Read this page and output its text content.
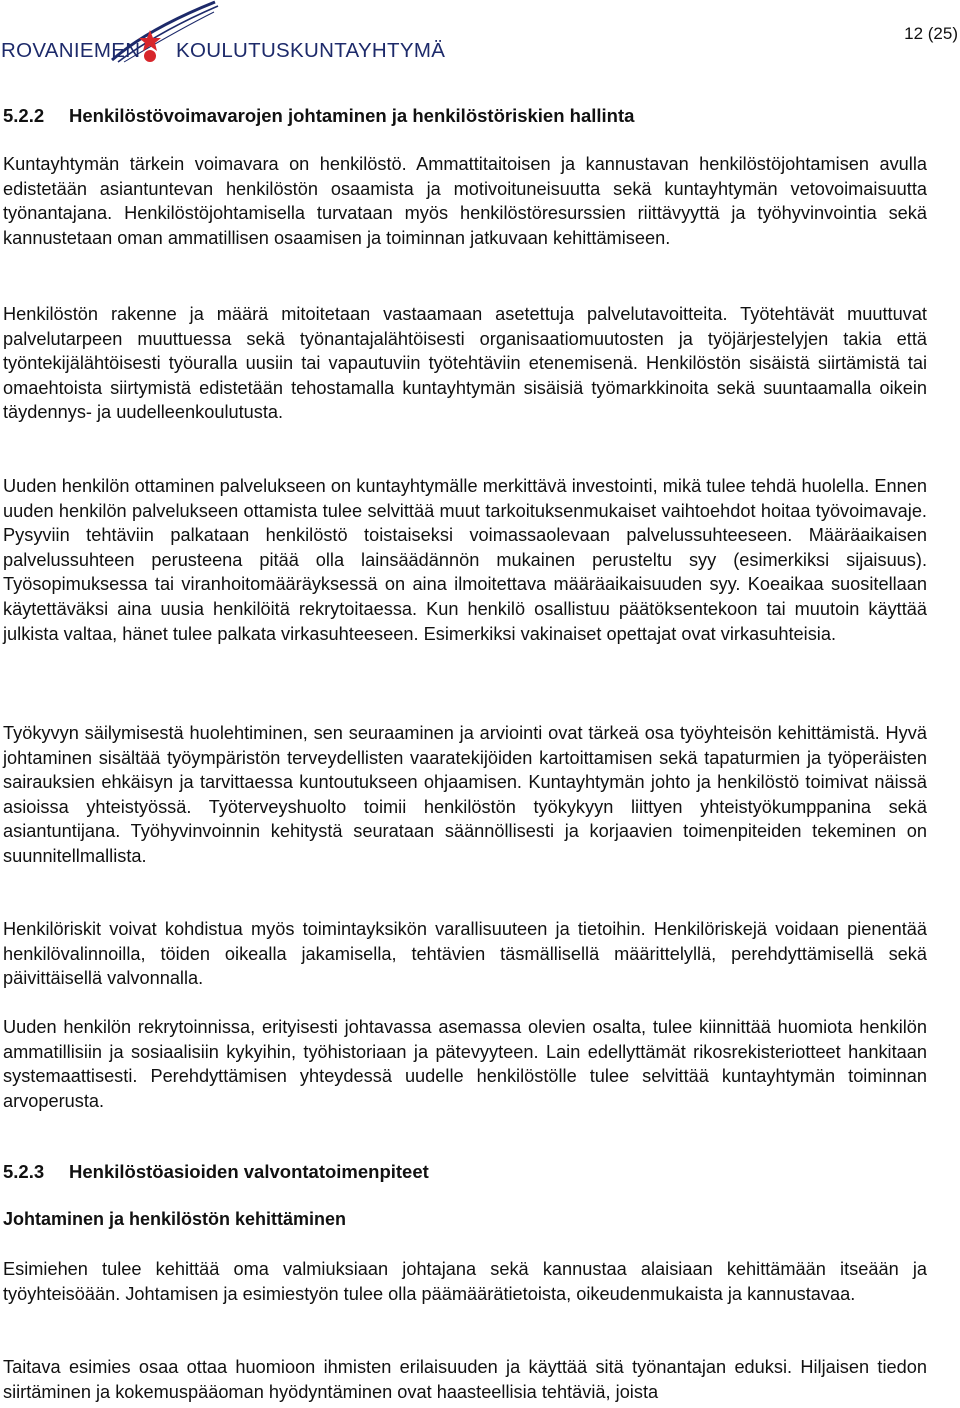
ROVANIEMEN KOULUTUSKUNTAYHTYMÄ
12 (25)
5.2.2 Henkilöstövoimavarojen johtaminen ja henkilöstöriskien hallinta

Kuntayhtymän tärkein voimavara on henkilöstö. Ammattitaitoisen ja kannustavan henkilöstöjohtamisen avulla edistetään asiantuntevan henkilöstön osaamista ja motivoituneisuutta sekä kuntayhtymän vetovoimaisuutta työnantajana. Henkilöstöjohtamisella turvataan myös henkilöstöresurssien riittävyyttä ja työhyvinvointia sekä kannustetaan oman ammatillisen osaamisen ja toiminnan jatkuvaan kehittämiseen.

Henkilöstön rakenne ja määrä mitoitetaan vastaamaan asetettuja palvelutavoitteita. Työtehtävät muuttuvat palvelutarpeen muuttuessa sekä työnantajalähtöisesti organisaatiomuutosten ja työjärjestelyjen takia että työntekijälähtöisesti työuralla uusiin tai vapautuviin työtehtäviin etenemisenä. Henkilöstön sisäistä siirtämistä tai omaehtoista siirtymistä edistetään tehostamalla kuntayhtymän sisäisiä työmarkkinoita sekä suuntaamalla oikein täydennys- ja uudelleenkoulutusta.

Uuden henkilön ottaminen palvelukseen on kuntayhtymälle merkittävä investointi, mikä tulee tehdä huolella. Ennen uuden henkilön palvelukseen ottamista tulee selvittää muut tarkoituksenmukaiset vaihtoehdot hoitaa työvoimavaje. Pysyviin tehtäviin palkataan henkilöstö toistaiseksi voimassaolevaan palvelussuhteeseen. Määräaikaisen palvelussuhteen perusteena pitää olla lainsäädännön mukainen perusteltu syy (esimerkiksi sijaisuus). Työsopimuksessa tai viranhoitomääräyksessä on aina ilmoitettava määräaikaisuuden syy. Koeaikaa suositellaan käytettäväksi aina uusia henkilöitä rekrytoitaessa. Kun henkilö osallistuu päätöksentekoon tai muutoin käyttää julkista valtaa, hänet tulee palkata virkasuhteeseen. Esimerkiksi vakinaiset opettajat ovat virkasuhteisia.

Työkyvyn säilymisestä huolehtiminen, sen seuraaminen ja arviointi ovat tärkeä osa työyhteisön kehittämistä. Hyvä johtaminen sisältää työympäristön terveydellisten vaaratekijöiden kartoittamisen sekä tapaturmien ja työperäisten sairauksien ehkäisyn ja tarvittaessa kuntoutukseen ohjaamisen. Kuntayhtymän johto ja henkilöstö toimivat näissä asioissa yhteistyössä. Työterveyshuolto toimii henkilöstön työkykyyn liittyen yhteistyökumppanina sekä asiantuntijana. Työhyvinvoinnin kehitystä seurataan säännöllisesti ja korjaavien toimenpiteiden tekeminen on suunnitellmallista.

Henkilöriskit voivat kohdistua myös toimintayksikön varallisuuteen ja tietoihin. Henkilöriskejä voidaan pienentää henkilövalinnoilla, töiden oikealla jakamisella, tehtävien täsmällisellä määrittelyllä, perehdyttämisellä sekä päivittäisellä valvonnalla.

Uuden henkilön rekrytoinnissa, erityisesti johtavassa asemassa olevien osalta, tulee kiinnittää huomiota henkilön ammatillisiin ja sosiaalisiin kykyihin, työhistoriaan ja pätevyyteen. Lain edellyttämät rikosrekisteriotteet hankitaan systemaattisesti. Perehdyttämisen yhteydessä uudelle henkilöstölle tulee selvittää kuntayhtymän toiminnan arvoperusta.

5.2.3 Henkilöstöasioiden valvontatoimenpiteet
Johtaminen ja henkilöstön kehittäminen

Esimiehen tulee kehittää oma valmiuksiaan johtajana sekä kannustaa alaisiaan kehittämään itseään ja työyhteisöään. Johtamisen ja esimiestyön tulee olla päämäärätietoista, oikeudenmukaista ja kannustavaa.

Taitava esimies osaa ottaa huomioon ihmisten erilaisuuden ja käyttää sitä työnantajan eduksi. Hiljaisen tiedon siirtäminen ja kokemuspääoman hyödyntäminen ovat haasteellisia tehtäviä, joista
